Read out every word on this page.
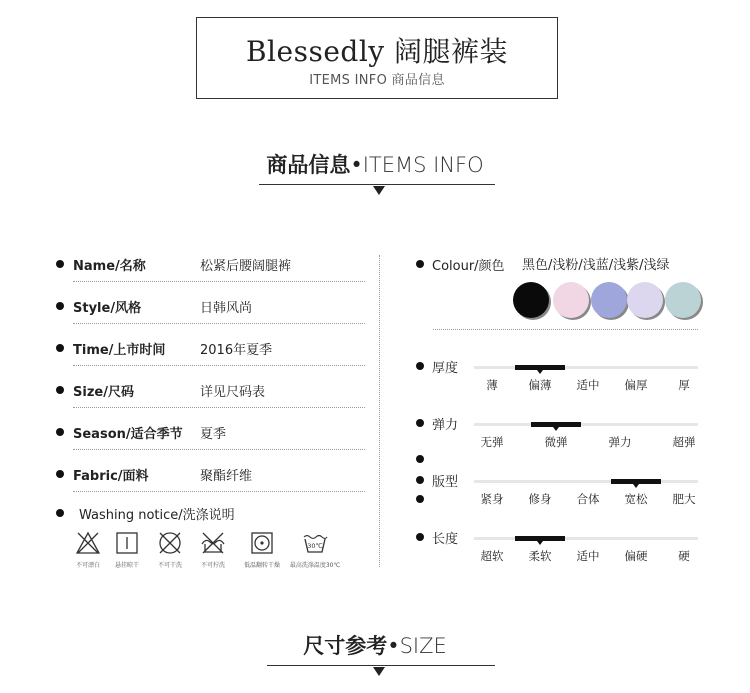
Blessedly 阔腿裤装
ITEMS INFO 商品信息
商品信息•ITEMS INFO
Name/名称	松紧后腰阔腿裤
Style/风格	日韩风尚
Time/上市时间	2016年夏季
Size/尺码	详见尺码表
Season/适合季节 夏季
Fabric/面料	聚酯纤维
Washing notice/洗涤说明
不可漂白	悬挂晾干	不可干洗	不可拧洗	低温翻转干燥
30℃
最高洗涤温度30℃
Colour/颜色 黑色/浅粉/浅蓝/浅紫/浅绿
厚度
薄	偏薄 适中 偏厚	厚
弹力
无弹	微弹	弹力	超弹
版型
紧身 修身 合体 宽松 肥大
长度
超软 柔软 适中 偏硬	硬
尺寸参考•SIZE
